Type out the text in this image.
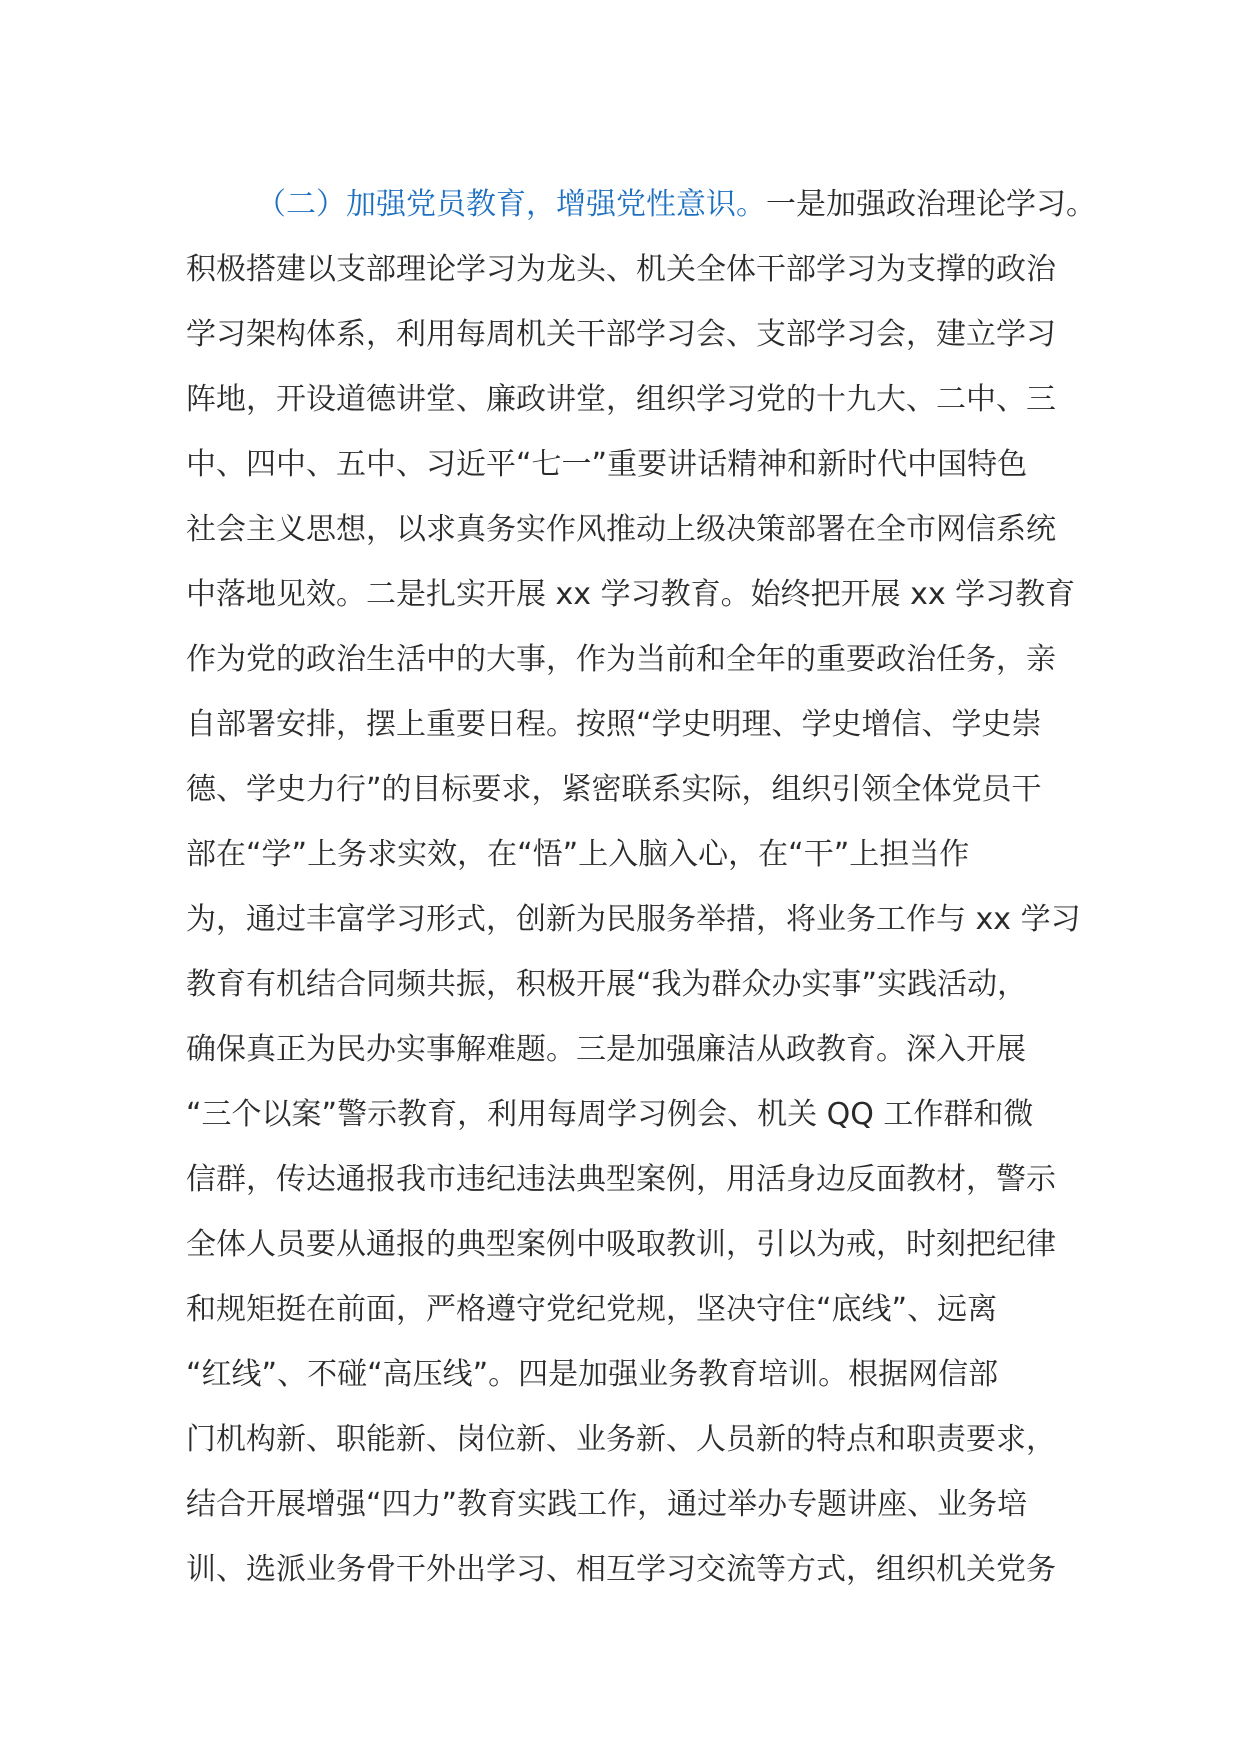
（二）加强党员教育，增强党性意识。一是加强政治理论学习。
积极搭建以支部理论学习为龙头、机关全体干部学习为支撑的政治
学习架构体系，利用每周机关干部学习会、支部学习会，建立学习
阵地，开设道德讲堂、廉政讲堂，组织学习党的十九大、二中、三
中、四中、五中、习近平“七一”重要讲话精神和新时代中国特色
社会主义思想，以求真务实作风推动上级决策部署在全市网信系统
中落地见效。二是扎实开展 xx 学习教育。始终把开展 xx 学习教育
作为党的政治生活中的大事，作为当前和全年的重要政治任务，亲
自部署安排，摆上重要日程。按照“学史明理、学史增信、学史崇
德、学史力行”的目标要求，紧密联系实际，组织引领全体党员干
部在“学”上务求实效，在“悟”上入脑入心，在“干”上担当作
为，通过丰富学习形式，创新为民服务举措，将业务工作与 xx 学习
教育有机结合同频共振，积极开展“我为群众办实事”实践活动，
确保真正为民办实事解难题。三是加强廉洁从政教育。深入开展
“三个以案”警示教育，利用每周学习例会、机关 QQ 工作群和微
信群，传达通报我市违纪违法典型案例，用活身边反面教材，警示
全体人员要从通报的典型案例中吸取教训，引以为戒，时刻把纪律
和规矩挺在前面，严格遵守党纪党规，坚决守住“底线”、远离
“红线”、不碰“高压线”。四是加强业务教育培训。根据网信部
门机构新、职能新、岗位新、业务新、人员新的特点和职责要求，
结合开展增强“四力”教育实践工作，通过举办专题讲座、业务培
训、选派业务骨干外出学习、相互学习交流等方式，组织机关党务
